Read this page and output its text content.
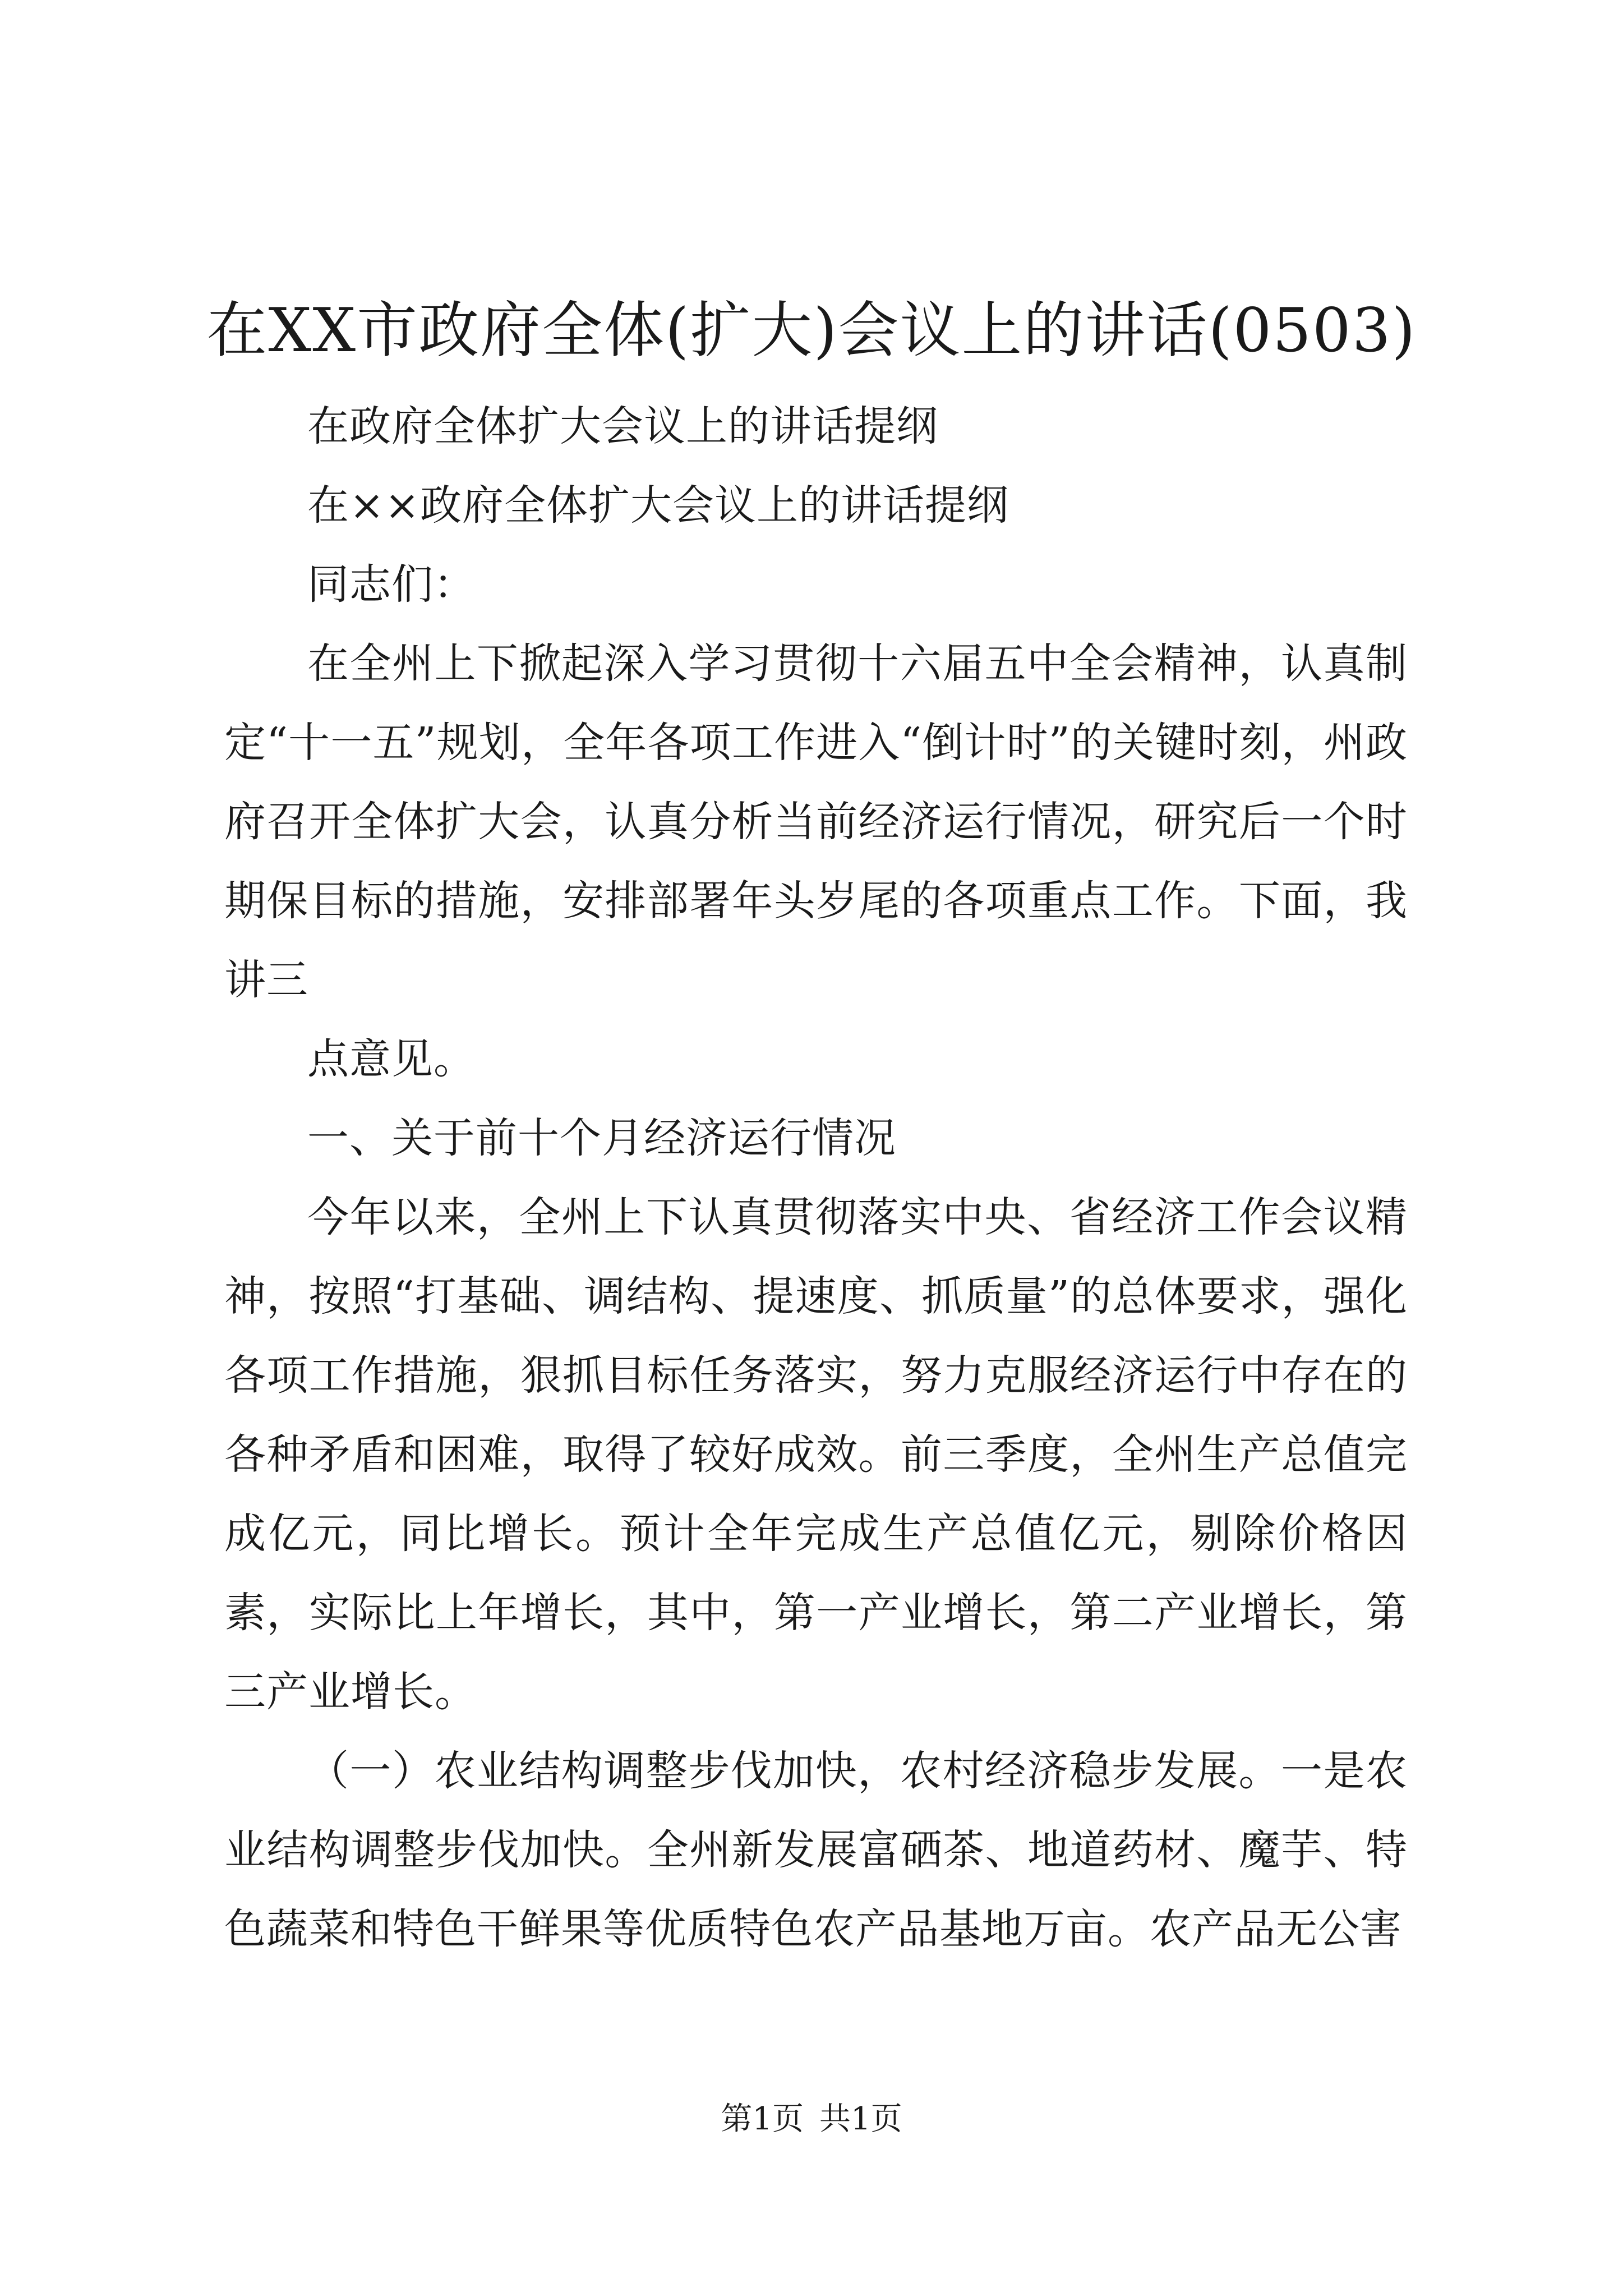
在XX市政府全体(扩大)会议上的讲话(0503)

在政府全体扩大会议上的讲话提纲

在××政府全体扩大会议上的讲话提纲

同志们：

在全州上下掀起深入学习贯彻十六届五中全会精神，认真制定“十一五”规划，全年各项工作进入“倒计时”的关键时刻，州政府召开全体扩大会，认真分析当前经济运行情况，研究后一个时期保目标的措施，安排部署年头岁尾的各项重点工作。下面，我讲三

点意见。

一、关于前十个月经济运行情况

今年以来，全州上下认真贯彻落实中央、省经济工作会议精神，按照“打基础、调结构、提速度、抓质量”的总体要求，强化各项工作措施，狠抓目标任务落实，努力克服经济运行中存在的各种矛盾和困难，取得了较好成效。前三季度，全州生产总值完成亿元，同比增长。预计全年完成生产总值亿元，剔除价格因素，实际比上年增长，其中，第一产业增长，第二产业增长，第三产业增长。

（一）农业结构调整步伐加快，农村经济稳步发展。一是农业结构调整步伐加快。全州新发展富硒茶、地道药材、魔芋、特色蔬菜和特色干鲜果等优质特色农产品基地万亩。农产品无公害

第1页 共1页
